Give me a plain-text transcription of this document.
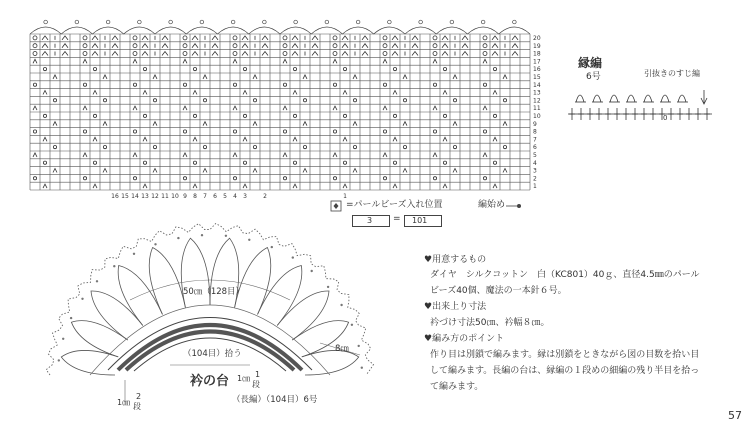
20
19
18
17
16
15
14
13
12
11
10
9
8
7
6
5
4
3
2
1
16 15 14 13 12 11 10 9 8 7 6 5 4 3	2	1
=パールビーズ入れ位置	編始め
3 = 101
縁編
6号	引抜きのすじ編
0
50㎝（128目）
（104目）拾う	8㎝
衿の台 1㎝ 1
段
1㎝
2
段
（長編）（104目）6号
♥用意するもの
ダイヤ　シルクコットン　白（KC801）40ｇ、直径4.5㎜のパール
ビーズ40個、魔法の一本針６号。
♥出来上り寸法
衿づけ寸法50㎝、衿幅８㎝。
♥編み方のポイント
作り目は別鎖で編みます。縁は別鎖をときながら図の目数を拾い目
して編みます。長編の台は、縁編の１段めの細編の残り半目を拾っ
て編みます。
57
